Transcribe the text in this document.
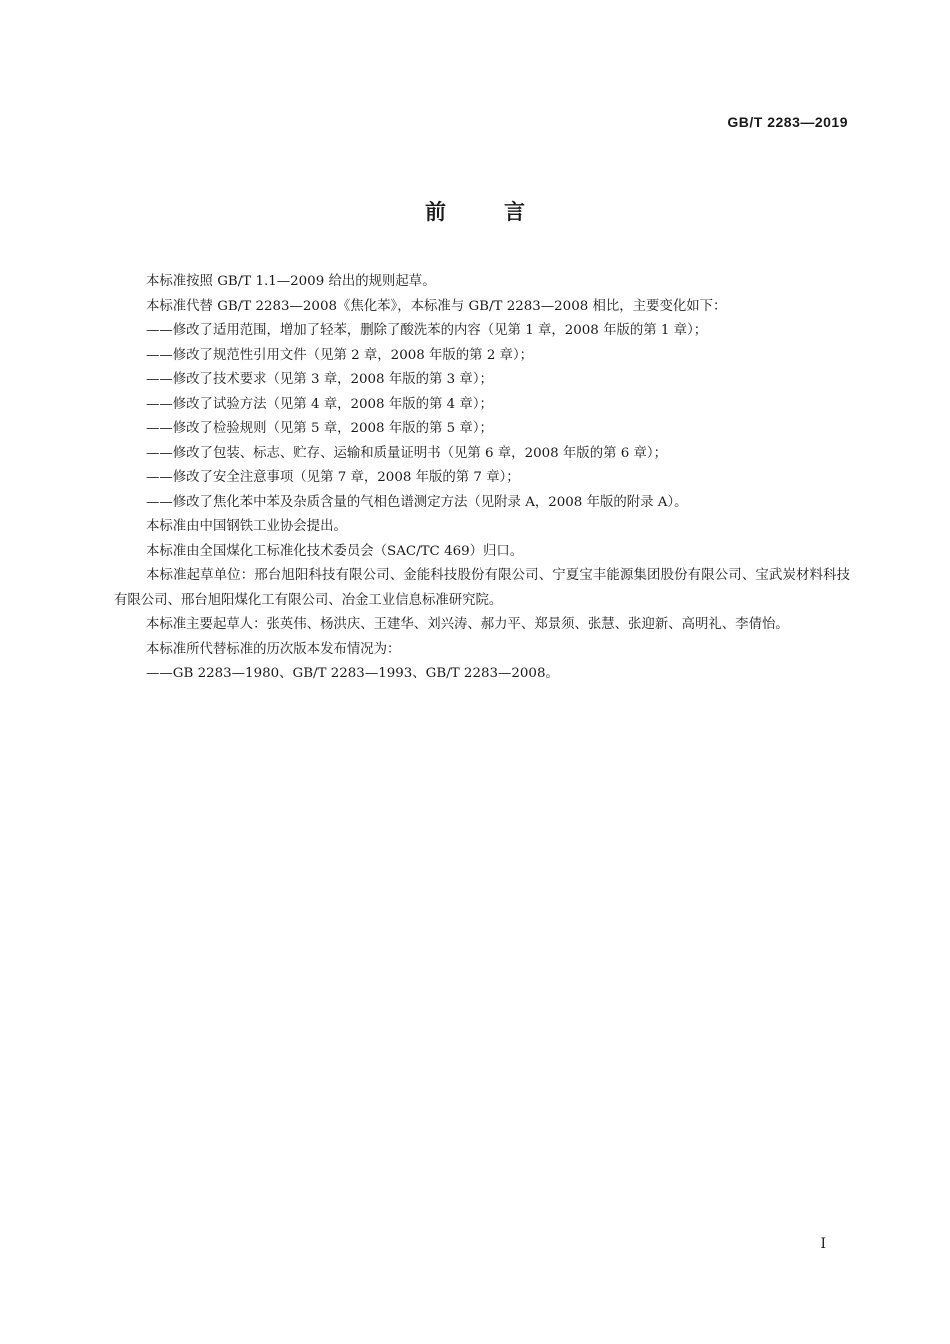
GB/T 2283—2019
前言

本标准按照 GB/T 1.1—2009 给出的规则起草。

本标准代替 GB/T 2283—2008《焦化苯》，本标准与 GB/T 2283—2008 相比，主要变化如下：

——修改了适用范围，增加了轻苯，删除了酸洗苯的内容（见第 1 章，2008 年版的第 1 章）；

——修改了规范性引用文件（见第 2 章，2008 年版的第 2 章）；

——修改了技术要求（见第 3 章，2008 年版的第 3 章）；

——修改了试验方法（见第 4 章，2008 年版的第 4 章）；

——修改了检验规则（见第 5 章，2008 年版的第 5 章）；

——修改了包装、标志、贮存、运输和质量证明书（见第 6 章，2008 年版的第 6 章）；

——修改了安全注意事项（见第 7 章，2008 年版的第 7 章）；

——修改了焦化苯中苯及杂质含量的气相色谱测定方法（见附录 A，2008 年版的附录 A）。

本标准由中国钢铁工业协会提出。

本标准由全国煤化工标准化技术委员会（SAC/TC 469）归口。

本标准起草单位：邢台旭阳科技有限公司、金能科技股份有限公司、宁夏宝丰能源集团股份有限公司、宝武炭材料科技有限公司、邢台旭阳煤化工有限公司、冶金工业信息标准研究院。

本标准主要起草人：张英伟、杨洪庆、王建华、刘兴涛、郝力平、郑景须、张慧、张迎新、高明礼、李倩怡。

本标准所代替标准的历次版本发布情况为：

——GB 2283—1980、GB/T 2283—1993、GB/T 2283—2008。

I
